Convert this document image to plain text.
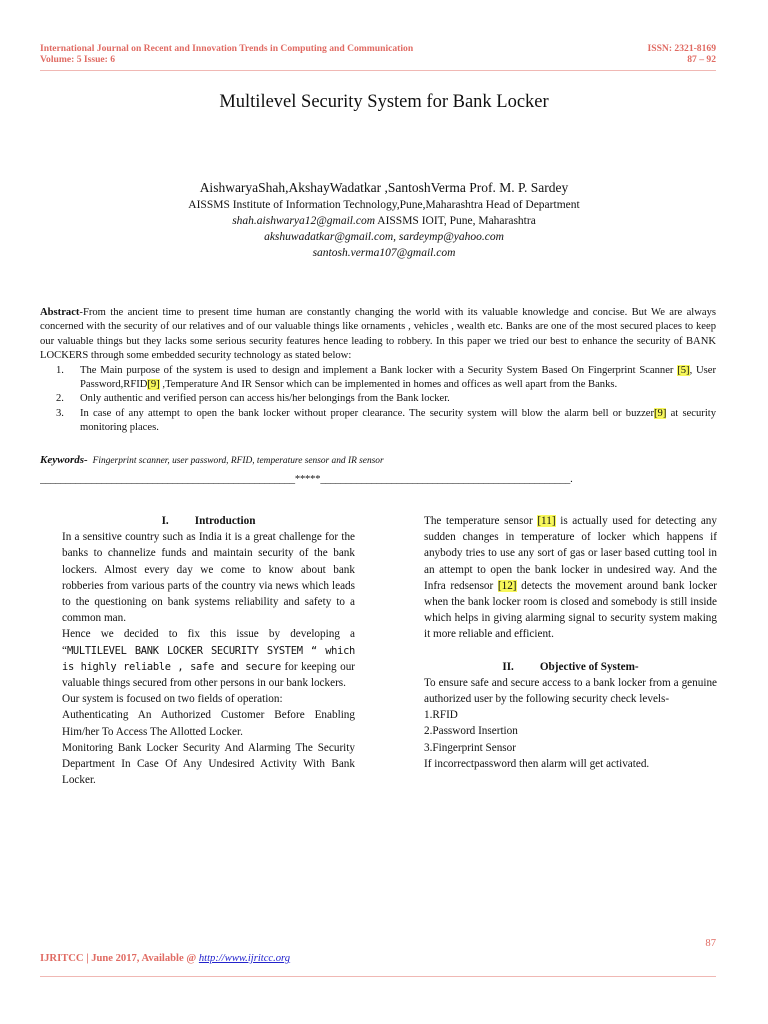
International Journal on Recent and Innovation Trends in Computing and Communication
Volume: 5 Issue: 6
ISSN: 2321-8169
87 – 92
Multilevel Security System for Bank Locker
AishwaryaShah,AkshayWadatkar ,SantoshVerma Prof. M. P. Sardey
AISSMS Institute of Information Technology,Pune,Maharashtra Head of Department
shah.aishwarya12@gmail.com AISSMS IOIT, Pune, Maharashtra
akshuwadatkar@gmail.com, sardeymp@yahoo.com
santosh.verma107@gmail.com

Abstract-From the ancient time to present time human are constantly changing the world with its valuable knowledge and concise. But We are always concerned with the security of our relatives and of our valuable things like ornaments , vehicles , wealth etc. Banks are one of the most secured places to keep our valuable things but they lacks some serious security features hence leading to robbery. In this paper we tried our best to enhance the security of BANK LOCKERS through some embedded security technology as stated below:

1. The Main purpose of the system is used to design and implement a Bank locker with a Security System Based On Fingerprint Scanner [5], User Password,RFID[9] ,Temperature And IR Sensor which can be implemented in homes and offices as well apart from the Banks.
2. Only authentic and verified person can access his/her belongings from the Bank locker.
3. In case of any attempt to open the bank locker without proper clearance. The security system will blow the alarm bell or buzzer[9] at security monitoring places.
Keywords- Fingerprint scanner, user password, RFID, temperature sensor and IR sensor
__________________________________________________*****_________________________________________________.
I. Introduction

In a sensitive country such as India it is a great challenge for the banks to channelize funds and maintain security of the bank lockers. Almost every day we come to know about bank robberies from various parts of the country via news which leads to the questioning on bank systems reliability and safety to a common man.

Hence we decided to fix this issue by developing a “MULTILEVEL BANK LOCKER SECURITY SYSTEM “ which is highly reliable , safe and secure for keeping our valuable things secured from other persons in our bank lockers.

Our system is focused on two fields of operation:

Authenticating An Authorized Customer Before Enabling Him/her To Access The Allotted Locker.

Monitoring Bank Locker Security And Alarming The Security Department In Case Of Any Undesired Activity With Bank Locker.

The temperature sensor [11] is actually used for detecting any sudden changes in temperature of locker which happens if anybody tries to use any sort of gas or laser based cutting tool in an attempt to open the bank locker in undesired way. And the Infra redsensor [12] detects the movement around bank locker when the bank locker room is closed and somebody is still inside which helps in giving alarming signal to security system making it more reliable and efficient.

II. Objective of System-

To ensure safe and secure access to a bank locker from a genuine authorized user by the following security check levels-

1.RFID

2.Password Insertion

3.Fingerprint Sensor

If incorrectpassword then alarm will get activated.

87
IJRITCC | June 2017, Available @ http://www.ijritcc.org
